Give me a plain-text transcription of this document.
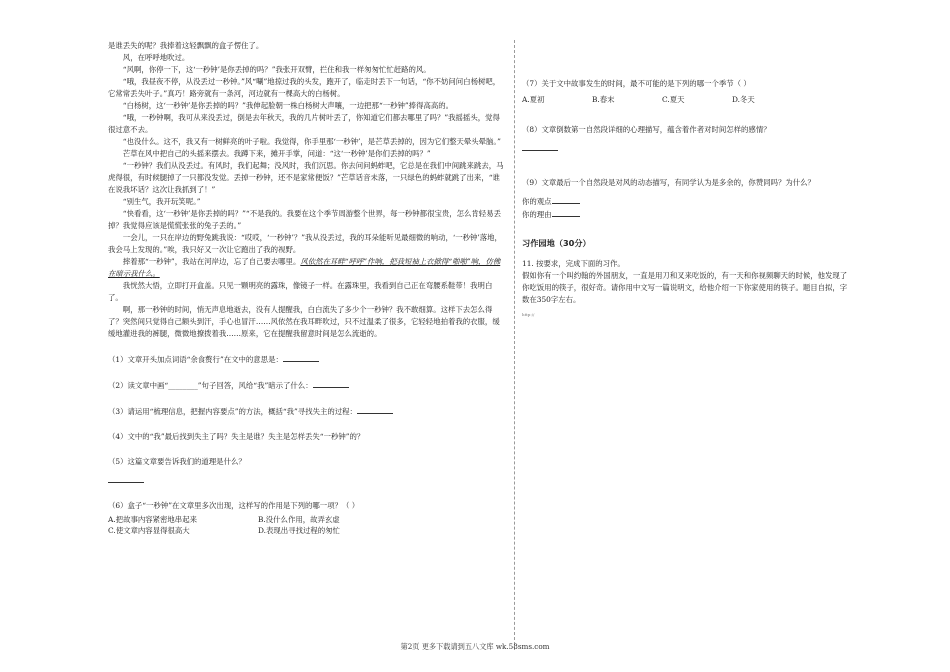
是谁丢失的呢？我捧着这轻飘飘的盒子愣住了。

风，在呼呼地吹过。

“风啊，你停一下，这‘一秒钟’是你丢掉的吗？”我张开双臂，拦住和我一样匆匆忙忙赶路的风。

“哦，我昼夜不停，从没丢过一秒钟。”风“唰”地掠过我的头发，跑开了，临走时丢下一句话，“你不妨问问白杨树吧，它常常丢失叶子。”真巧！路旁就有一条河，河边就有一棵高大的白杨树。

“白杨树，这‘一秒钟’是你丢掉的吗？”我伸起脸朝一株白杨树大声嚷，一边把那“一秒钟”捧得高高的。

“哦，一秒钟啊，我可从来没丢过，倒是去年秋天，我的几片树叶丢了，你知道它们都去哪里了吗？”我摇摇头，觉得很过意不去。

“也没什么。这不，我又有一树鲜亮的叶子啦。我觉得，你手里那‘一秒钟’，是芒草丢掉的，因为它们整天晕头晕脑。”

芒草在风中把自己的头摇来摆去。我蹲下来，摊开手掌，问道：“这‘一秒钟’是你们丢掉的吗？”

“一秒钟？我们从没丢过。有风时，我们起舞；没风时，我们沉思。你去问问蚂蚱吧，它总是在我们中间跳来跳去，马虎得很，有时候腿掉了一只都没发觉。丢掉一秒钟，还不是家常便饭？”芒草话音未落，一只绿色的蚂蚱就跳了出来，“谁在说我坏话？这次让我抓到了！”

“别生气，我开玩笑呢。”

“快看看，这‘一秒钟’是你丢掉的吗？”“不是我的。我要在这个季节周游整个世界，每一秒钟都很宝贵，怎么肯轻易丢掉？我觉得应该是慌慌张张的兔子丢的。”

一会儿，一只在岸边的野兔跳我说：“哎哎，‘一秒钟’？”我从没丢过，我的耳朵能听见最细微的响动，‘一秒钟’落地，我会马上发现的。”唉，我只好又一次让它跑出了我的视野。

摔着那“一秒钟”，我站在河岸边，忘了自己要去哪里。风依然在耳畔“呼呼”作响，把我短袖上衣掀得“啪啪”响，仿佛在暗示我什么。

我恍然大悟，立即打开盒盖。只见一颗明亮的露珠，像镜子一样。在露珠里，我看到自己正在弯腰系鞋带！我明白了。

啊，那一秒钟的时间，悄无声息地逝去，没有人提醒我，白白流失了多少个一秒钟？我不敢细算。这样下去怎么得了？突然间只觉得自己额头到汗，手心也冒汗……风依然在我耳畔吹过，只不过温柔了很多，它轻轻地拍着我的衣服，缓缓地灌进我的裤腿，微微地撩拨着我……原来，它在提醒我留意时间是怎么流逝的。

（1）文章开头加点词语“余食赘行”在文中的意思是：

（2）读文章中画“________”句子回答，风给“我”暗示了什么：

（3）请运用“梳理信息，把握内容要点”的方法，概括“我”寻找失主的过程：

（4）文中的“我”最后找到失主了吗？失主是谁？失主是怎样丢失“一秒钟”的？

（5）这篇文章要告诉我们的道理是什么？

（6）盒子“一秒钟”在文章里多次出现，这样写的作用是下列的哪一项？（ ）

A.把故事内容紧密地串起来	B.没什么作用，故弄玄虚
C.使文章内容显得很高大	D.表现出寻找过程的匆忙

（7）关于文中故事发生的时间，最不可能的是下列的哪一个季节（ ）

A.夏初	B.春末	C.夏天	D.冬天

（8）文章倒数第一自然段详细的心理描写，蕴含着作者对时间怎样的感情？

（9）文章最后一个自然段是对风的动态描写，有同学认为是多余的，你赞同吗？为什么？

你的观点

你的理由

习作园地（30分）

11. 按要求，完成下面的习作。

假如你有一个叫约翰的外国朋友，一直是用刀和叉来吃饭的，有一天和你视频聊天的时候，他发现了你吃饭用的筷子，很好奇。请你用中文写一篇说明文，给他介绍一下你家使用的筷子。题目自拟，字数在350字左右。

http://

第2页 更多下载请到五八文库 wk.58sms.com
